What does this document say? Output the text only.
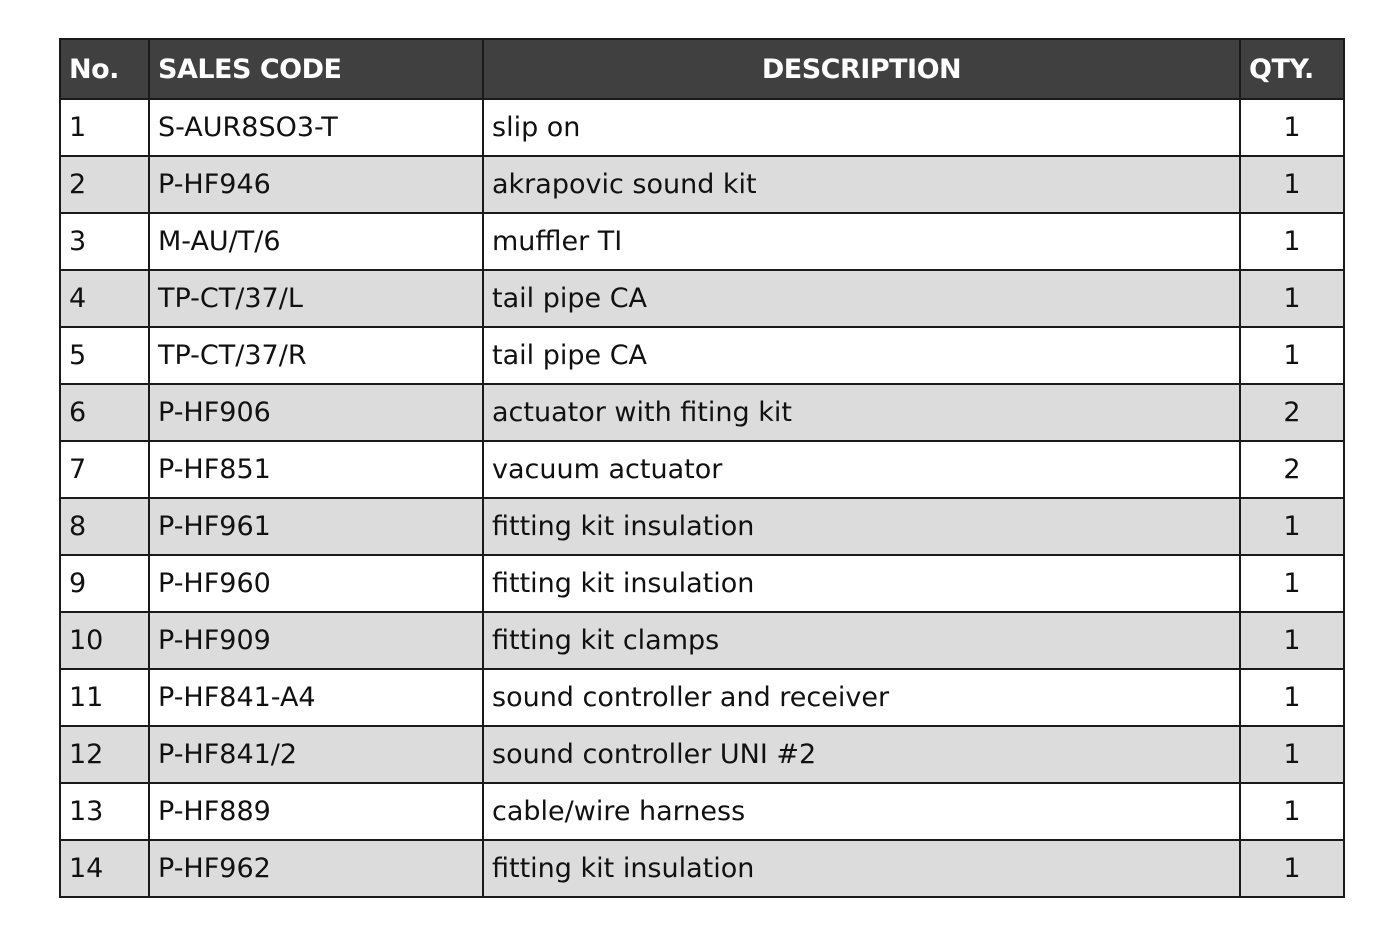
No.	SALES CODE	DESCRIPTION	QTY.
1	S-AUR8SO3-T	slip on	1
2	P-HF946	akrapovic sound kit	1
3	M-AU/T/6	muffler TI	1
4	TP-CT/37/L	tail pipe CA	1
5	TP-CT/37/R	tail pipe CA	1
6	P-HF906	actuator with fiting kit	2
7	P-HF851	vacuum actuator	2
8	P-HF961	fitting kit insulation	1
9	P-HF960	fitting kit insulation	1
10	P-HF909	fitting kit clamps	1
11	P-HF841-A4	sound controller and receiver	1
12	P-HF841/2	sound controller UNI #2	1
13	P-HF889	cable/wire harness	1
14	P-HF962	fitting kit insulation	1
